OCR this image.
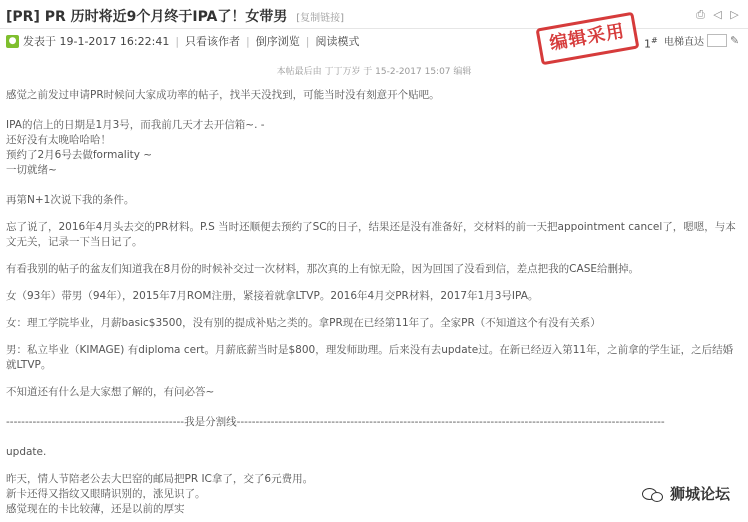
[PR] PR 历时将近9个月终于IPA了！女带男 [复制链接]	⎙ ◁ ▷
● 发表于 19-1-2017 16:22:41 | 只看该作者 | 倒序浏览 | 阅读模式	编辑采用	1# 电梯直达 ✎
本帖最后由 丁丁万岁 于 15-2-2017 15:07 编辑

感觉之前发过申请PR时候问大家成功率的帖子，找半天没找到，可能当时没有刻意开个贴吧。

IPA的信上的日期是1月3号，而我前几天才去开信箱~. -

还好没有太晚哈哈哈！

预约了2月6号去做formality ~

一切就绪~

再第N+1次说下我的条件。

忘了说了，2016年4月头去交的PR材料。P.S 当时还顺便去预约了SC的日子，结果还是没有准备好，交材料的前一天把appointment cancel了，嗯嗯，与本文无关，记录一下当日记了。

有看我别的帖子的盆友们知道我在8月份的时候补交过一次材料，那次真的上有惊无险，因为回国了没看到信，差点把我的CASE给删掉。

女（93年）带男（94年），2015年7月ROM注册，紧接着就拿LTVP。2016年4月交PR材料，2017年1月3号IPA。

女：理工学院毕业，月薪basic$3500，没有别的提成补贴之类的。拿PR现在已经第11年了。全家PR（不知道这个有没有关系）

男：私立毕业（KIMAGE) 有diploma cert。月薪底薪当时是$800，理发师助理。后来没有去update过。在新已经迈入第11年，之前拿的学生证，之后结婚就LTVP。

不知道还有什么是大家想了解的，有问必答~

-----------------------------------------------我是分割线-----------------------------------------------------------------------------------------------------------------

update.

昨天，情人节陪老公去大巴窑的邮局把PR IC拿了，交了6元费用。

新卡还得又指纹又眼睛识别的，涨见识了。

感觉现在的卡比较薄，还是以前的厚实

狮城论坛
